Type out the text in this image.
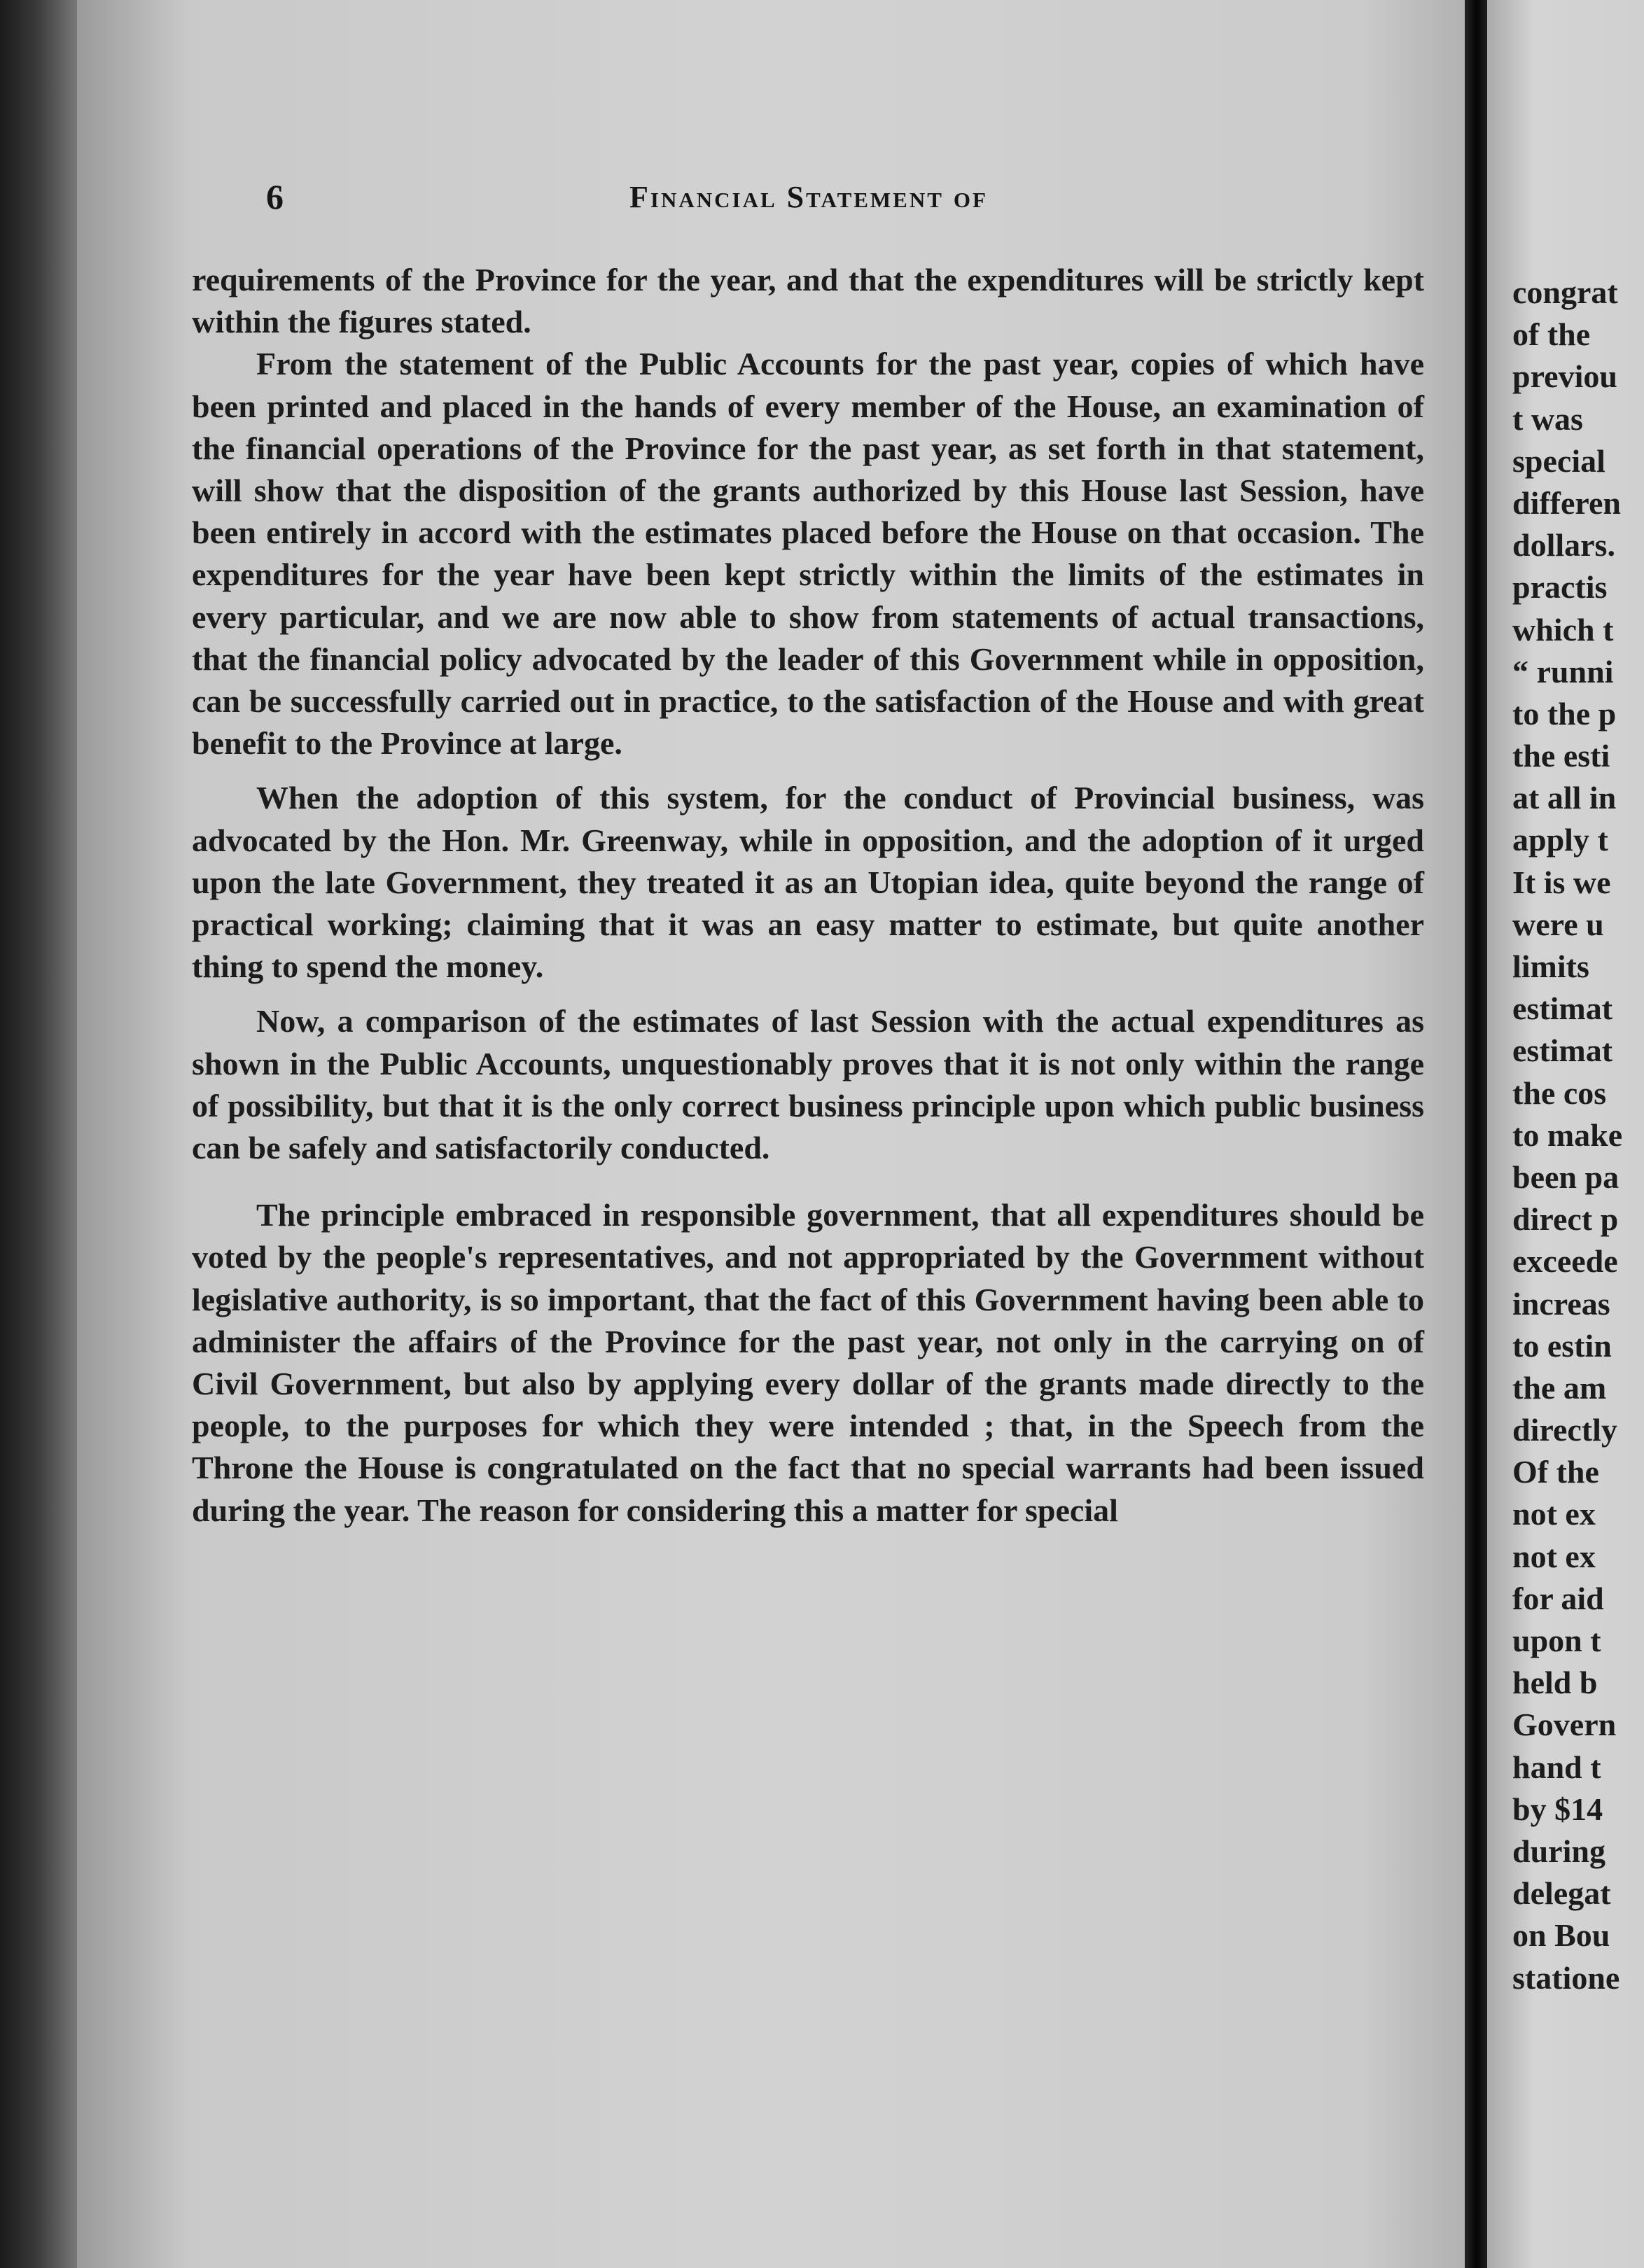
6	Financial Statement of

requirements of the Province for the year, and that the expenditures will be strictly kept within the figures stated.

From the statement of the Public Accounts for the past year, copies of which have been printed and placed in the hands of every member of the House, an examination of the financial operations of the Province for the past year, as set forth in that statement, will show that the disposition of the grants authorized by this House last Session, have been entirely in accord with the estimates placed before the House on that occasion. The expenditures for the year have been kept strictly within the limits of the estimates in every particular, and we are now able to show from statements of actual transactions, that the financial policy advocated by the leader of this Government while in opposition, can be successfully carried out in practice, to the satisfaction of the House and with great benefit to the Province at large.

When the adoption of this system, for the conduct of Provincial business, was advocated by the Hon. Mr. Greenway, while in opposition, and the adoption of it urged upon the late Government, they treated it as an Utopian idea, quite beyond the range of practical working; claiming that it was an easy matter to estimate, but quite another thing to spend the money.

Now, a comparison of the estimates of last Session with the actual expenditures as shown in the Public Accounts, unquestionably proves that it is not only within the range of possibility, but that it is the only correct business principle upon which public business can be safely and satisfactorily conducted.

The principle embraced in responsible government, that all expenditures should be voted by the people's representatives, and not appropriated by the Government without legislative authority, is so important, that the fact of this Government having been able to administer the affairs of the Province for the past year, not only in the carrying on of Civil Government, but also by applying every dollar of the grants made directly to the people, to the purposes for which they were intended ; that, in the Speech from the Throne the House is congratulated on the fact that no special warrants had been issued during the year. The reason for considering this a matter for special

congrat
of the
previou
t was
special
differen
dollars.
practis
which t
“ runni
to the p
the esti
at all in
apply t
It is we
were u
limits
estimat
estimat
the cos
to make
been pa
direct p
exceede
increas
to estin
the am
directly
Of the
not ex
not ex
for aid
upon t
held b
Govern
hand t
by $14
during
delegat
on Bou
statione
